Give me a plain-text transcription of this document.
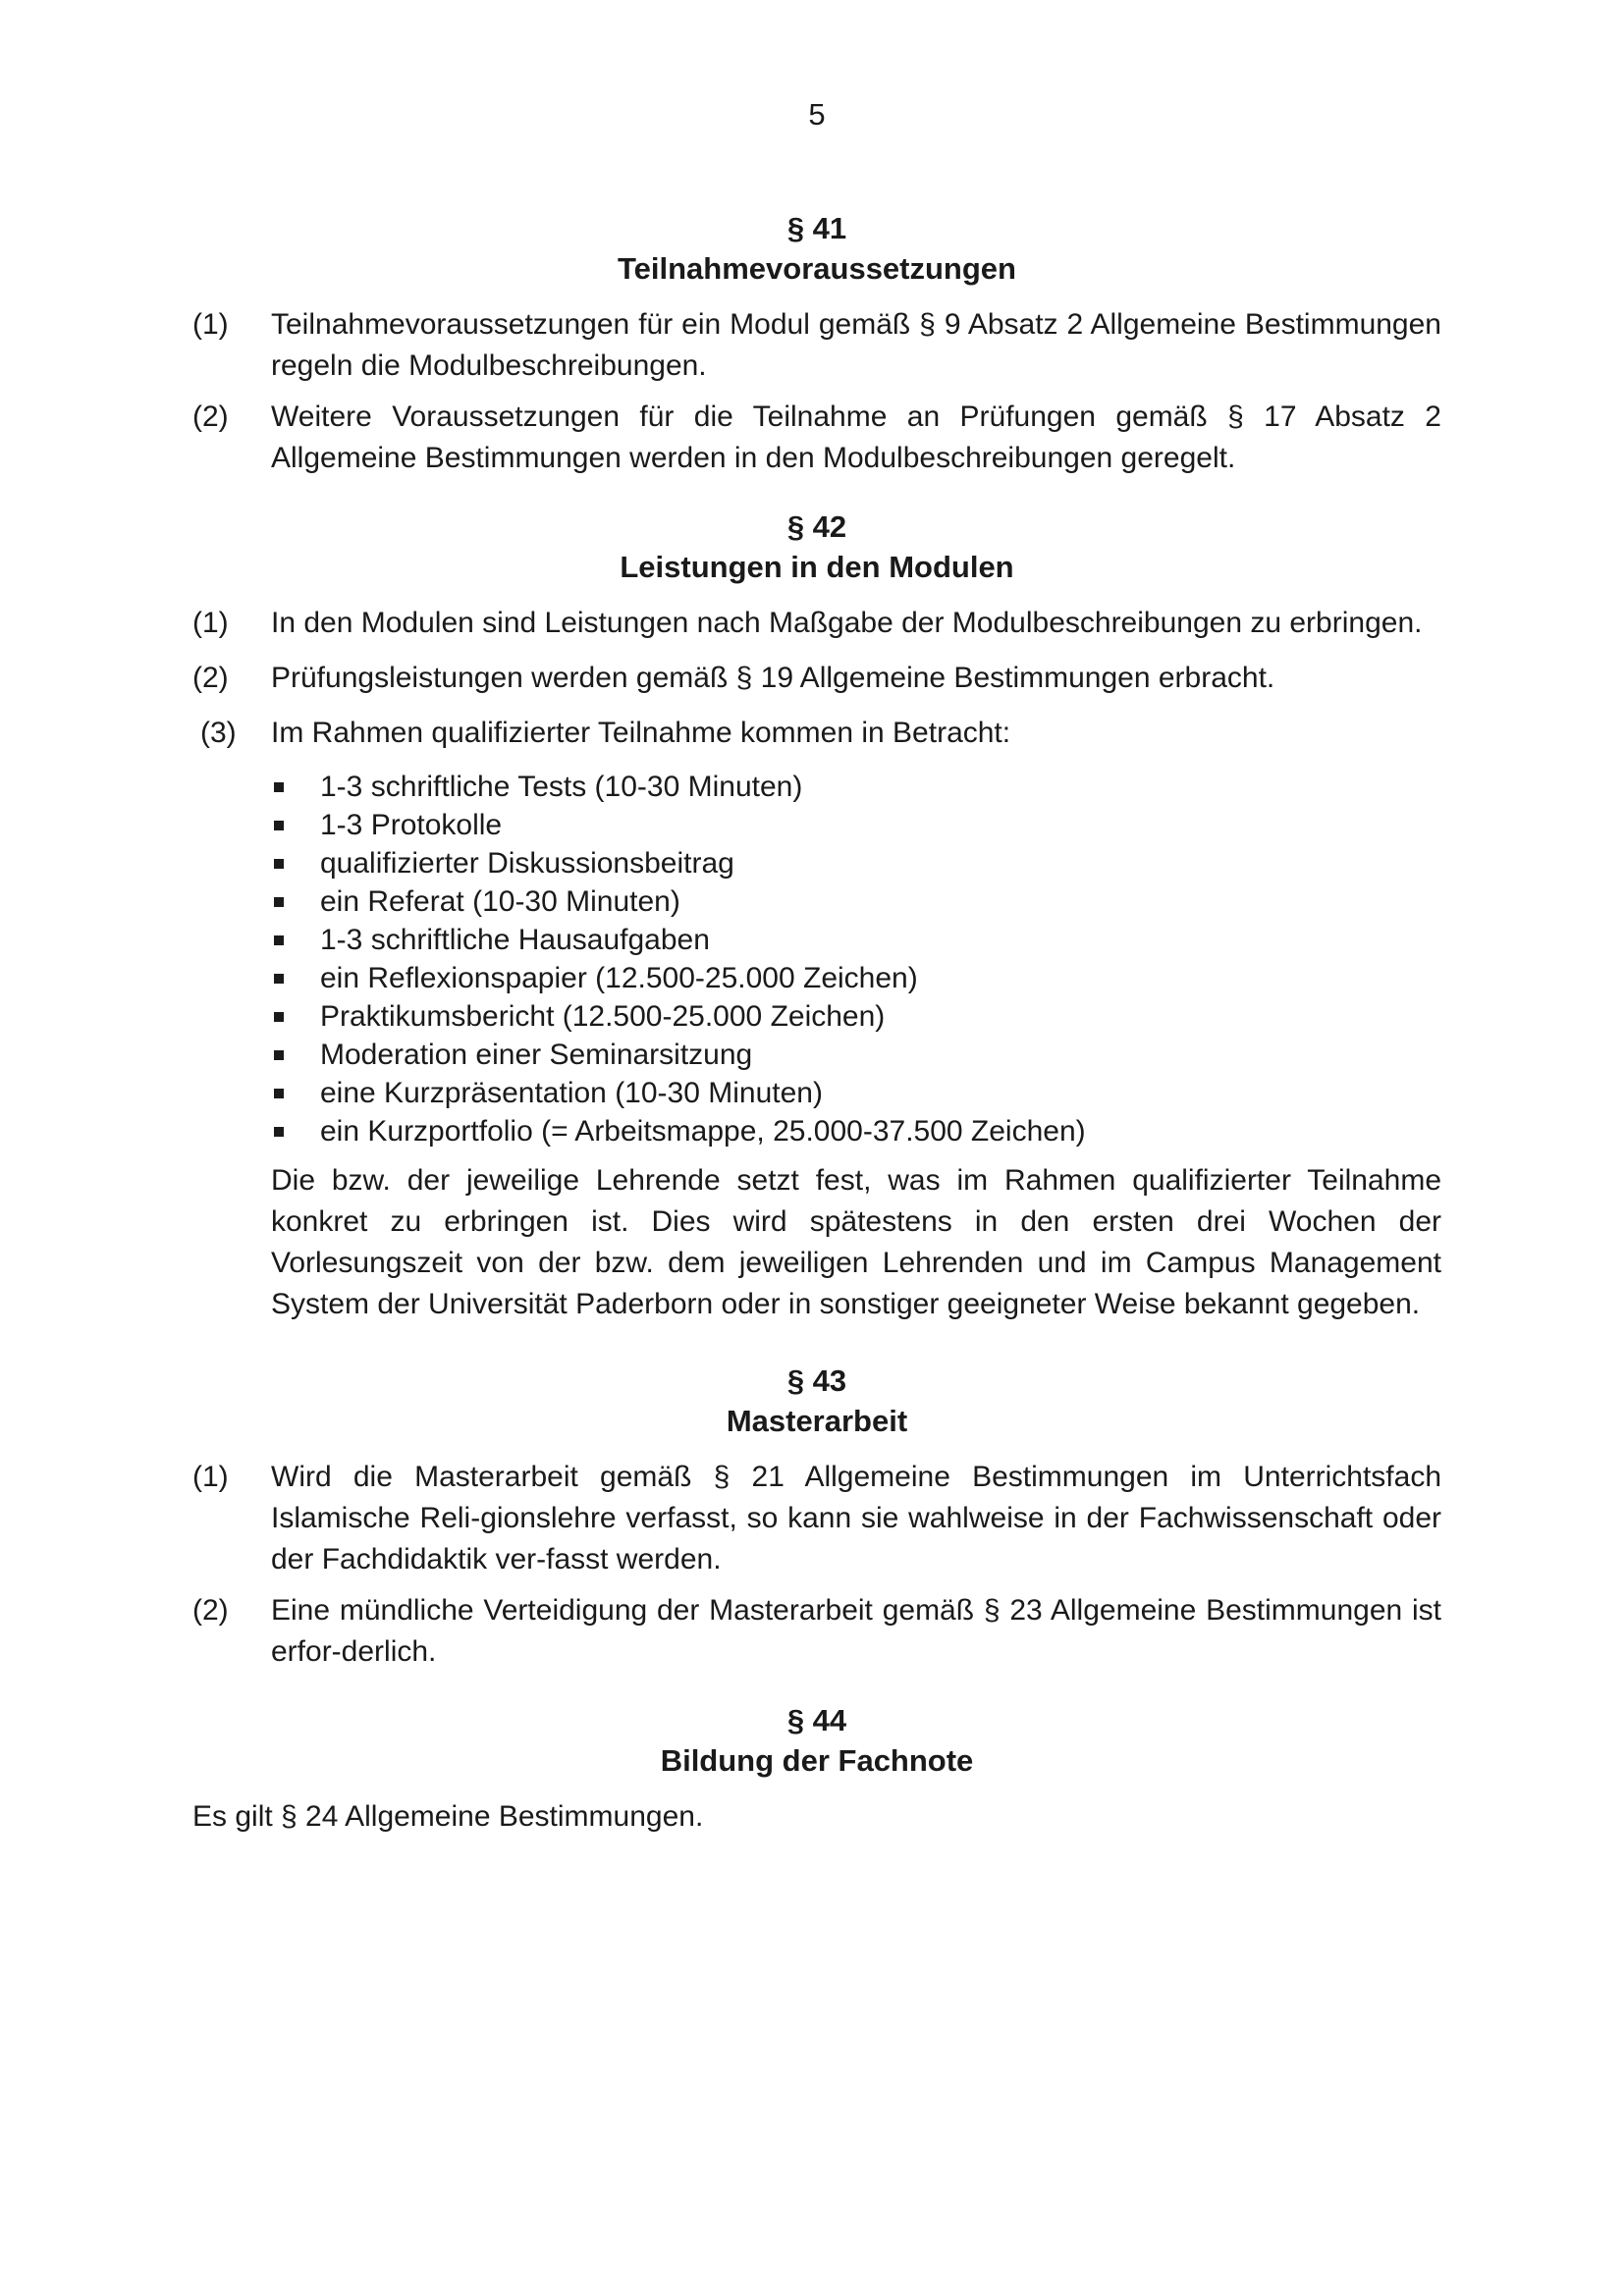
5
§ 41
Teilnahmevoraussetzungen
(1)	Teilnahmevoraussetzungen für ein Modul gemäß § 9 Absatz 2 Allgemeine Bestimmungen regeln die Modulbeschreibungen.
(2)	Weitere Voraussetzungen für die Teilnahme an Prüfungen gemäß § 17 Absatz 2 Allgemeine Bestimmungen werden in den Modulbeschreibungen geregelt.
§ 42
Leistungen in den Modulen
(1)	In den Modulen sind Leistungen nach Maßgabe der Modulbeschreibungen zu erbringen.
(2)	Prüfungsleistungen werden gemäß § 19 Allgemeine Bestimmungen erbracht.
(3)	Im Rahmen qualifizierter Teilnahme kommen in Betracht:
1-3 schriftliche Tests (10-30 Minuten)
1-3 Protokolle
qualifizierter Diskussionsbeitrag
ein Referat (10-30 Minuten)
1-3 schriftliche Hausaufgaben
ein Reflexionspapier (12.500-25.000 Zeichen)
Praktikumsbericht (12.500-25.000 Zeichen)
Moderation einer Seminarsitzung
eine Kurzpräsentation (10-30 Minuten)
ein Kurzportfolio (= Arbeitsmappe, 25.000-37.500 Zeichen)
Die bzw. der jeweilige Lehrende setzt fest, was im Rahmen qualifizierter Teilnahme konkret zu erbringen ist. Dies wird spätestens in den ersten drei Wochen der Vorlesungszeit von der bzw. dem jeweiligen Lehrenden und im Campus Management System der Universität Paderborn oder in sonstiger geeigneter Weise bekannt gegeben.
§ 43
Masterarbeit
(1)	Wird die Masterarbeit gemäß § 21 Allgemeine Bestimmungen im Unterrichtsfach Islamische Reli-gionslehre verfasst, so kann sie wahlweise in der Fachwissenschaft oder der Fachdidaktik ver-fasst werden.
(2)	Eine mündliche Verteidigung der Masterarbeit gemäß § 23 Allgemeine Bestimmungen ist erfor-derlich.
§ 44
Bildung der Fachnote
Es gilt § 24 Allgemeine Bestimmungen.
